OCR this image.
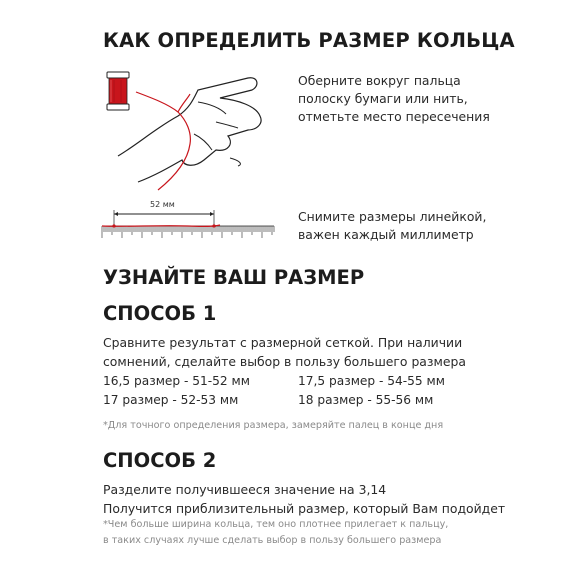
КАК ОПРЕДЕЛИТЬ РАЗМЕР КОЛЬЦА
Оберните вокруг пальца
полоску бумаги или нить,
отметьте место пересечения
52 мм
Снимите размеры линейкой,
важен каждый миллиметр
УЗНАЙТЕ ВАШ РАЗМЕР
СПОСОБ 1
Сравните результат с размерной сеткой. При наличии
сомнений, сделайте выбор в пользу большего размера
16,5 размер - 51-52 мм	17,5 размер - 54-55 мм
17 размер - 52-53 мм	18 размер - 55-56 мм
*Для точного определения размера, замеряйте палец в конце дня
СПОСОБ 2
Разделите получившееся значение на 3,14
Получится приблизительный размер, который Вам подойдет
*Чем больше ширина кольца, тем оно плотнее прилегает к пальцу,
в таких случаях лучше сделать выбор в пользу большего размера
